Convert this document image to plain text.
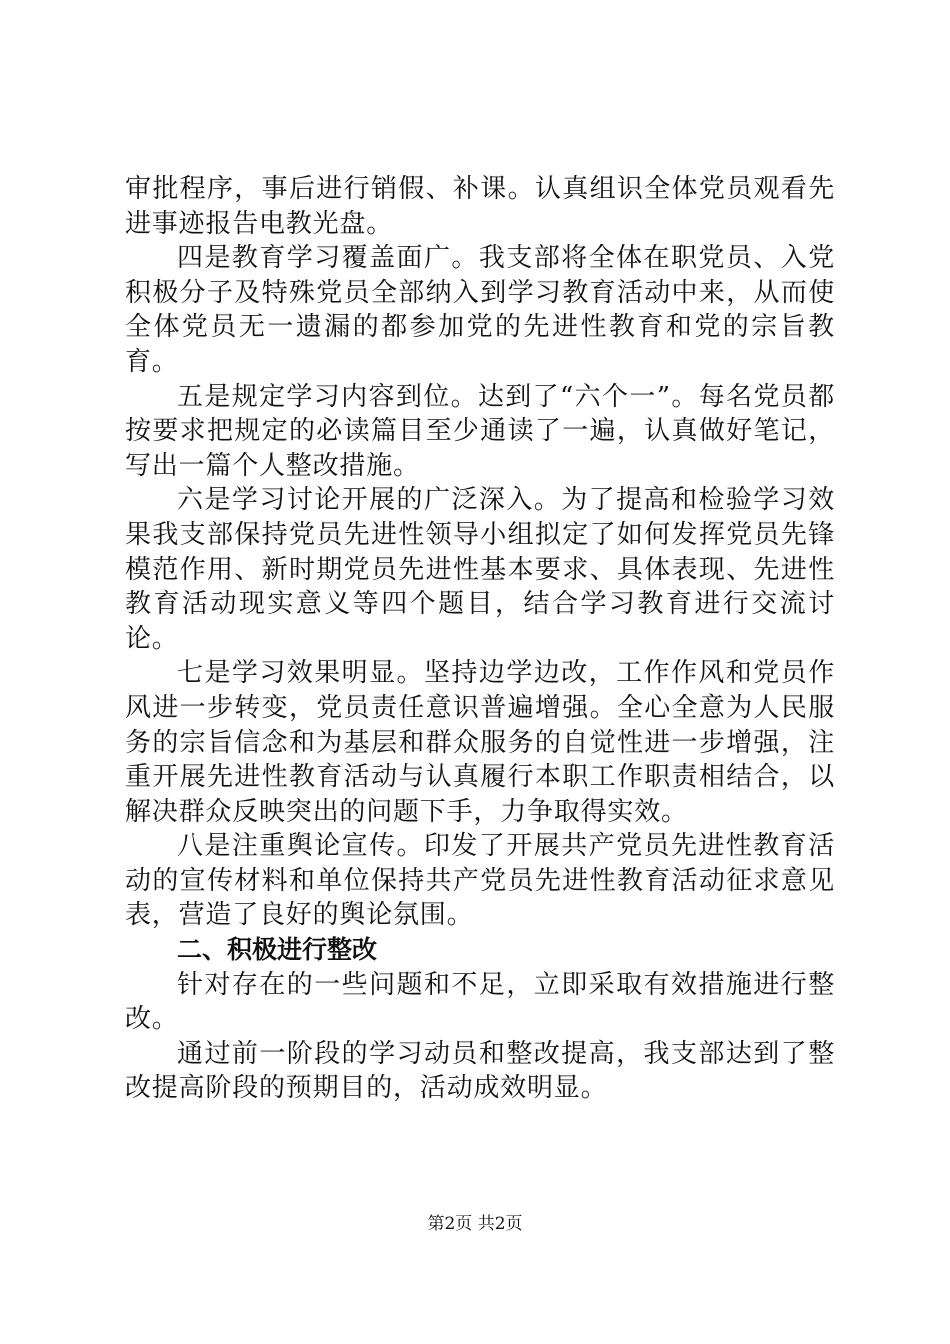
审批程序，事后进行销假、补课。认真组识全体党员观看先进事迹报告电教光盘。

四是教育学习覆盖面广。我支部将全体在职党员、入党积极分子及特殊党员全部纳入到学习教育活动中来，从而使全体党员无一遗漏的都参加党的先进性教育和党的宗旨教育。

五是规定学习内容到位。达到了“六个一”。每名党员都按要求把规定的必读篇目至少通读了一遍，认真做好笔记，写出一篇个人整改措施。

六是学习讨论开展的广泛深入。为了提高和检验学习效果我支部保持党员先进性领导小组拟定了如何发挥党员先锋模范作用、新时期党员先进性基本要求、具体表现、先进性教育活动现实意义等四个题目，结合学习教育进行交流讨论。

七是学习效果明显。坚持边学边改，工作作风和党员作风进一步转变，党员责任意识普遍增强。全心全意为人民服务的宗旨信念和为基层和群众服务的自觉性进一步增强，注重开展先进性教育活动与认真履行本职工作职责相结合，以解决群众反映突出的问题下手，力争取得实效。

八是注重舆论宣传。印发了开展共产党员先进性教育活动的宣传材料和单位保持共产党员先进性教育活动征求意见表，营造了良好的舆论氛围。

二、积极进行整改

针对存在的一些问题和不足，立即采取有效措施进行整改。

通过前一阶段的学习动员和整改提高，我支部达到了整改提高阶段的预期目的，活动成效明显。

第2页 共2页
